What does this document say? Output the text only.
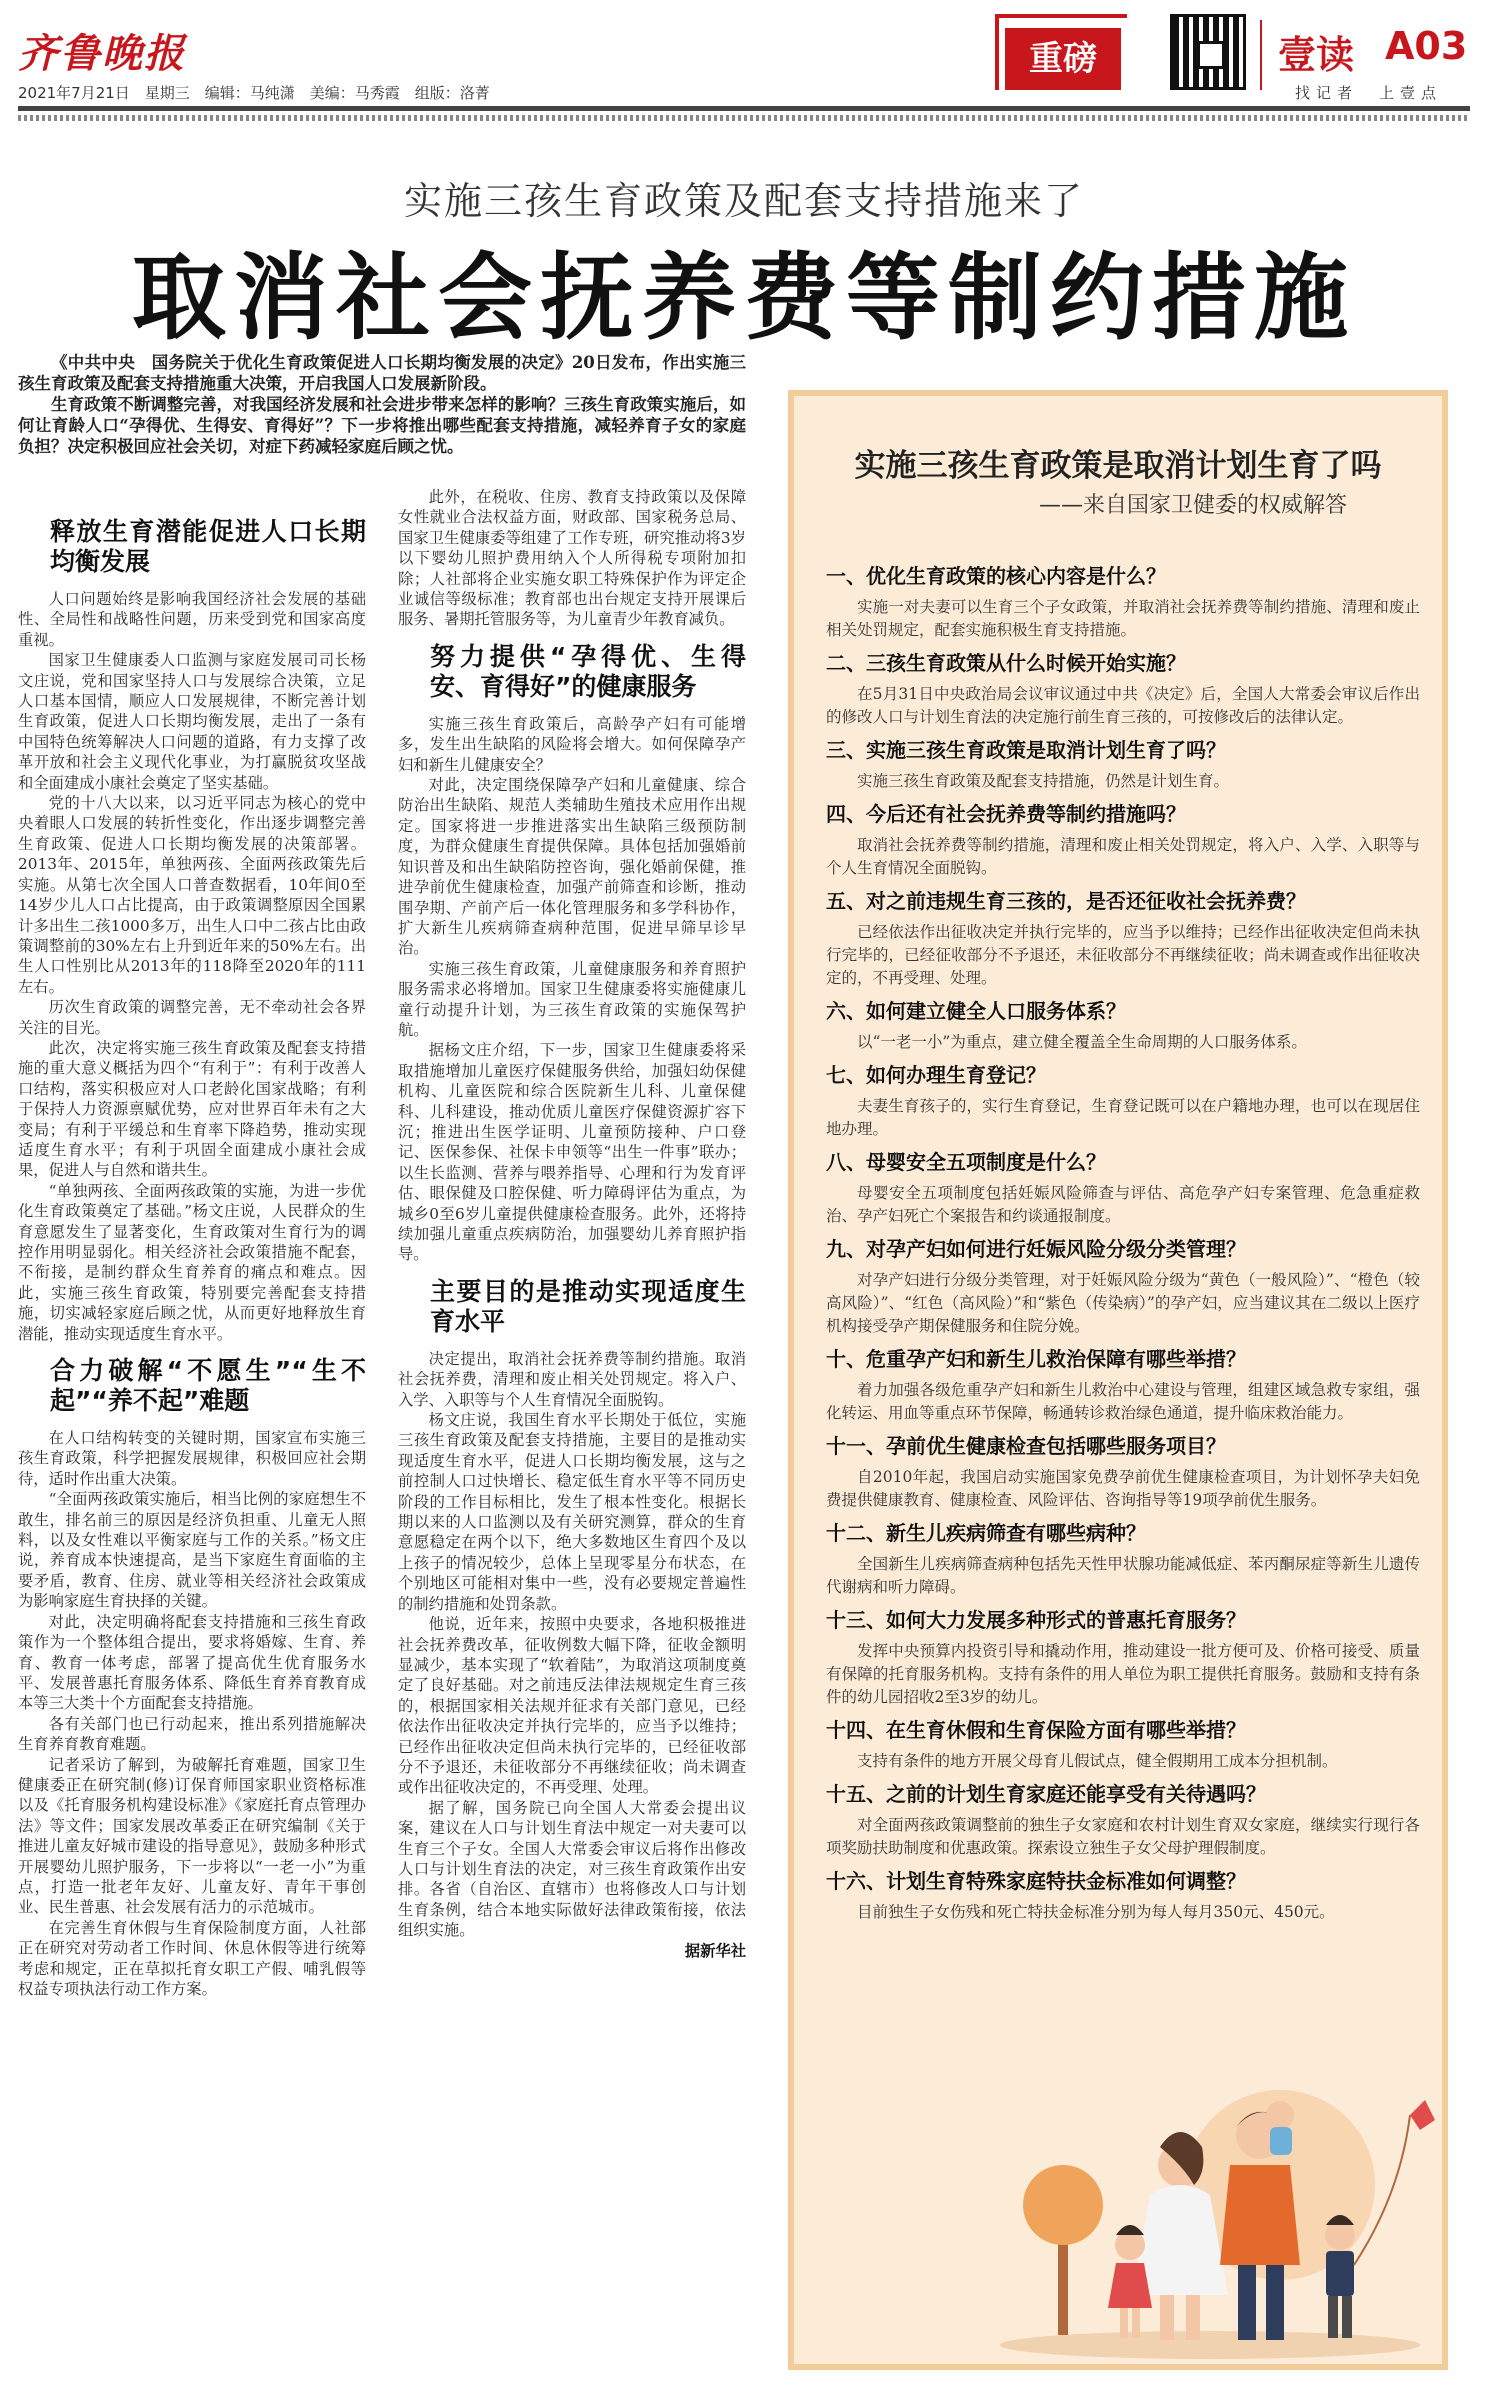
齐鲁晚报
2021年7月21日　星期三　编辑：马纯潇　美编：马秀霞　组版：洛菁
重磅	壹读 A03
找记者　上壹点
实施三孩生育政策及配套支持措施来了
取消社会抚养费等制约措施

《中共中央　国务院关于优化生育政策促进人口长期均衡发展的决定》20日发布，作出实施三孩生育政策及配套支持措施重大决策，开启我国人口发展新阶段。

生育政策不断调整完善，对我国经济发展和社会进步带来怎样的影响？三孩生育政策实施后，如何让育龄人口“孕得优、生得安、育得好”？下一步将推出哪些配套支持措施，减轻养育子女的家庭负担？决定积极回应社会关切，对症下药减轻家庭后顾之忧。

释放生育潜能促进人口长期均衡发展

人口问题始终是影响我国经济社会发展的基础性、全局性和战略性问题，历来受到党和国家高度重视。

国家卫生健康委人口监测与家庭发展司司长杨文庄说，党和国家坚持人口与发展综合决策，立足人口基本国情，顺应人口发展规律，不断完善计划生育政策，促进人口长期均衡发展，走出了一条有中国特色统筹解决人口问题的道路，有力支撑了改革开放和社会主义现代化事业，为打赢脱贫攻坚战和全面建成小康社会奠定了坚实基础。

党的十八大以来，以习近平同志为核心的党中央着眼人口发展的转折性变化，作出逐步调整完善生育政策、促进人口长期均衡发展的决策部署。2013年、2015年，单独两孩、全面两孩政策先后实施。从第七次全国人口普查数据看，10年间0至14岁少儿人口占比提高，由于政策调整原因全国累计多出生二孩1000多万，出生人口中二孩占比由政策调整前的30%左右上升到近年来的50%左右。出生人口性别比从2013年的118降至2020年的111左右。

历次生育政策的调整完善，无不牵动社会各界关注的目光。

此次，决定将实施三孩生育政策及配套支持措施的重大意义概括为四个“有利于”：有利于改善人口结构，落实积极应对人口老龄化国家战略；有利于保持人力资源禀赋优势，应对世界百年未有之大变局；有利于平缓总和生育率下降趋势，推动实现适度生育水平；有利于巩固全面建成小康社会成果，促进人与自然和谐共生。

“单独两孩、全面两孩政策的实施，为进一步优化生育政策奠定了基础。”杨文庄说，人民群众的生育意愿发生了显著变化，生育政策对生育行为的调控作用明显弱化。相关经济社会政策措施不配套，不衔接，是制约群众生育养育的痛点和难点。因此，实施三孩生育政策，特别要完善配套支持措施，切实减轻家庭后顾之忧，从而更好地释放生育潜能，推动实现适度生育水平。

合力破解“不愿生”“生不起”“养不起”难题

在人口结构转变的关键时期，国家宣布实施三孩生育政策，科学把握发展规律，积极回应社会期待，适时作出重大决策。

“全面两孩政策实施后，相当比例的家庭想生不敢生，排名前三的原因是经济负担重、儿童无人照料，以及女性难以平衡家庭与工作的关系。”杨文庄说，养育成本快速提高，是当下家庭生育面临的主要矛盾，教育、住房、就业等相关经济社会政策成为影响家庭生育抉择的关键。

对此，决定明确将配套支持措施和三孩生育政策作为一个整体组合提出，要求将婚嫁、生育、养育、教育一体考虑，部署了提高优生优育服务水平、发展普惠托育服务体系、降低生育养育教育成本等三大类十个方面配套支持措施。

各有关部门也已行动起来，推出系列措施解决生育养育教育难题。

记者采访了解到，为破解托育难题，国家卫生健康委正在研究制(修)订保育师国家职业资格标准以及《托育服务机构建设标准》《家庭托育点管理办法》等文件；国家发展改革委正在研究编制《关于推进儿童友好城市建设的指导意见》，鼓励多种形式开展婴幼儿照护服务，下一步将以“一老一小”为重点，打造一批老年友好、儿童友好、青年干事创业、民生普惠、社会发展有活力的示范城市。

在完善生育休假与生育保险制度方面，人社部正在研究对劳动者工作时间、休息休假等进行统筹考虑和规定，正在草拟托育女职工产假、哺乳假等权益专项执法行动工作方案。

此外，在税收、住房、教育支持政策以及保障女性就业合法权益方面，财政部、国家税务总局、国家卫生健康委等组建了工作专班，研究推动将3岁以下婴幼儿照护费用纳入个人所得税专项附加扣除；人社部将企业实施女职工特殊保护作为评定企业诚信等级标准；教育部也出台规定支持开展课后服务、暑期托管服务等，为儿童青少年教育减负。

努力提供“孕得优、生得安、育得好”的健康服务

实施三孩生育政策后，高龄孕产妇有可能增多，发生出生缺陷的风险将会增大。如何保障孕产妇和新生儿健康安全？

对此，决定围绕保障孕产妇和儿童健康、综合防治出生缺陷、规范人类辅助生殖技术应用作出规定。国家将进一步推进落实出生缺陷三级预防制度，为群众健康生育提供保障。具体包括加强婚前知识普及和出生缺陷防控咨询，强化婚前保健，推进孕前优生健康检查，加强产前筛查和诊断，推动围孕期、产前产后一体化管理服务和多学科协作，扩大新生儿疾病筛查病种范围，促进早筛早诊早治。

实施三孩生育政策，儿童健康服务和养育照护服务需求必将增加。国家卫生健康委将实施健康儿童行动提升计划，为三孩生育政策的实施保驾护航。

据杨文庄介绍，下一步，国家卫生健康委将采取措施增加儿童医疗保健服务供给，加强妇幼保健机构、儿童医院和综合医院新生儿科、儿童保健科、儿科建设，推动优质儿童医疗保健资源扩容下沉；推进出生医学证明、儿童预防接种、户口登记、医保参保、社保卡申领等“出生一件事”联办；以生长监测、营养与喂养指导、心理和行为发育评估、眼保健及口腔保健、听力障碍评估为重点，为城乡0至6岁儿童提供健康检查服务。此外，还将持续加强儿童重点疾病防治，加强婴幼儿养育照护指导。

主要目的是推动实现适度生育水平

决定提出，取消社会抚养费等制约措施。取消社会抚养费，清理和废止相关处罚规定。将入户、入学、入职等与个人生育情况全面脱钩。

杨文庄说，我国生育水平长期处于低位，实施三孩生育政策及配套支持措施，主要目的是推动实现适度生育水平，促进人口长期均衡发展，这与之前控制人口过快增长、稳定低生育水平等不同历史阶段的工作目标相比，发生了根本性变化。根据长期以来的人口监测以及有关研究测算，群众的生育意愿稳定在两个以下，绝大多数地区生育四个及以上孩子的情况较少，总体上呈现零星分布状态，在个别地区可能相对集中一些，没有必要规定普遍性的制约措施和处罚条款。

他说，近年来，按照中央要求，各地积极推进社会抚养费改革，征收例数大幅下降，征收金额明显减少，基本实现了“软着陆”，为取消这项制度奠定了良好基础。对之前违反法律法规规定生育三孩的，根据国家相关法规并征求有关部门意见，已经依法作出征收决定并执行完毕的，应当予以维持；已经作出征收决定但尚未执行完毕的，已经征收部分不予退还，未征收部分不再继续征收；尚未调查或作出征收决定的，不再受理、处理。

据了解，国务院已向全国人大常委会提出议案，建议在人口与计划生育法中规定一对夫妻可以生育三个子女。全国人大常委会审议后将作出修改人口与计划生育法的决定，对三孩生育政策作出安排。各省（自治区、直辖市）也将修改人口与计划生育条例，结合本地实际做好法律政策衔接，依法组织实施。

据新华社

实施三孩生育政策是取消计划生育了吗
——来自国家卫健委的权威解答
一、优化生育政策的核心内容是什么？
实施一对夫妻可以生育三个子女政策，并取消社会抚养费等制约措施、清理和废止相关处罚规定，配套实施积极生育支持措施。
二、三孩生育政策从什么时候开始实施？
在5月31日中央政治局会议审议通过中共《决定》后，全国人大常委会审议后作出的修改人口与计划生育法的决定施行前生育三孩的，可按修改后的法律认定。
三、实施三孩生育政策是取消计划生育了吗？
实施三孩生育政策及配套支持措施，仍然是计划生育。
四、今后还有社会抚养费等制约措施吗？
取消社会抚养费等制约措施，清理和废止相关处罚规定，将入户、入学、入职等与个人生育情况全面脱钩。
五、对之前违规生育三孩的，是否还征收社会抚养费？
已经依法作出征收决定并执行完毕的，应当予以维持；已经作出征收决定但尚未执行完毕的，已经征收部分不予退还，未征收部分不再继续征收；尚未调查或作出征收决定的，不再受理、处理。
六、如何建立健全人口服务体系？
以“一老一小”为重点，建立健全覆盖全生命周期的人口服务体系。
七、如何办理生育登记？
夫妻生育孩子的，实行生育登记，生育登记既可以在户籍地办理，也可以在现居住地办理。
八、母婴安全五项制度是什么？
母婴安全五项制度包括妊娠风险筛查与评估、高危孕产妇专案管理、危急重症救治、孕产妇死亡个案报告和约谈通报制度。
九、对孕产妇如何进行妊娠风险分级分类管理？
对孕产妇进行分级分类管理，对于妊娠风险分级为“黄色（一般风险）”、“橙色（较高风险）”、“红色（高风险）”和“紫色（传染病）”的孕产妇，应当建议其在二级以上医疗机构接受孕产期保健服务和住院分娩。
十、危重孕产妇和新生儿救治保障有哪些举措？
着力加强各级危重孕产妇和新生儿救治中心建设与管理，组建区域急救专家组，强化转运、用血等重点环节保障，畅通转诊救治绿色通道，提升临床救治能力。
十一、孕前优生健康检查包括哪些服务项目？
自2010年起，我国启动实施国家免费孕前优生健康检查项目，为计划怀孕夫妇免费提供健康教育、健康检查、风险评估、咨询指导等19项孕前优生服务。
十二、新生儿疾病筛查有哪些病种？
全国新生儿疾病筛查病种包括先天性甲状腺功能减低症、苯丙酮尿症等新生儿遗传代谢病和听力障碍。
十三、如何大力发展多种形式的普惠托育服务？
发挥中央预算内投资引导和撬动作用，推动建设一批方便可及、价格可接受、质量有保障的托育服务机构。支持有条件的用人单位为职工提供托育服务。鼓励和支持有条件的幼儿园招收2至3岁的幼儿。
十四、在生育休假和生育保险方面有哪些举措？
支持有条件的地方开展父母育儿假试点，健全假期用工成本分担机制。
十五、之前的计划生育家庭还能享受有关待遇吗？
对全面两孩政策调整前的独生子女家庭和农村计划生育双女家庭，继续实行现行各项奖励扶助制度和优惠政策。探索设立独生子女父母护理假制度。
十六、计划生育特殊家庭特扶金标准如何调整？
目前独生子女伤残和死亡特扶金标准分别为每人每月350元、450元。
